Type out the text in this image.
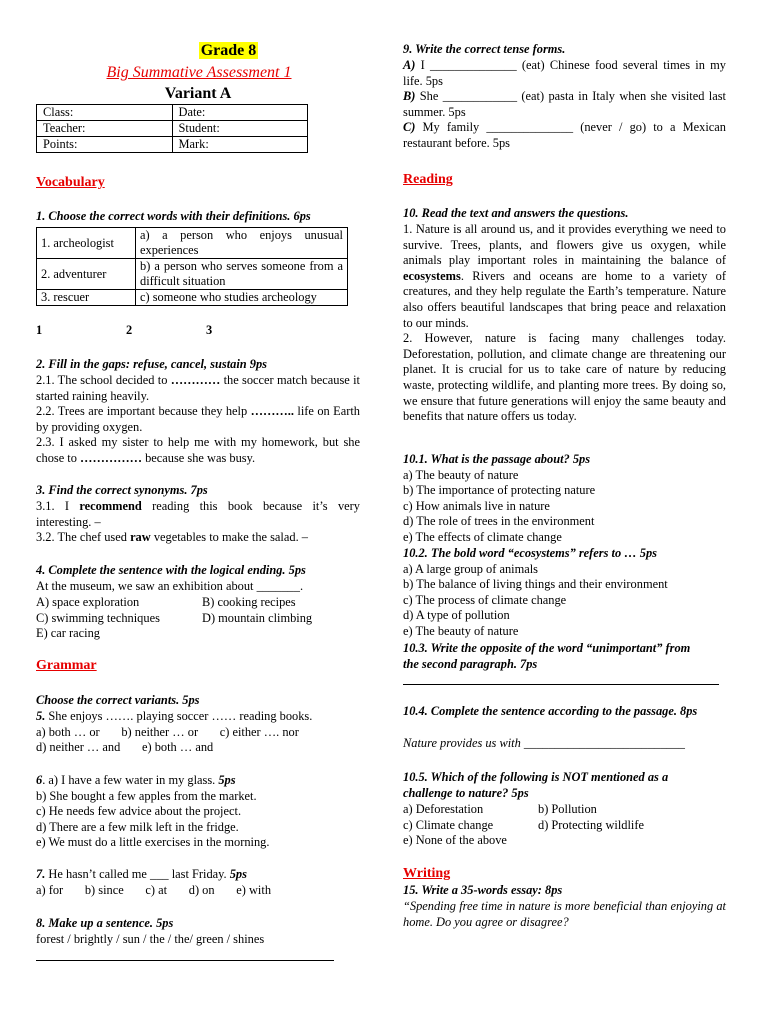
Grade 8
Big Summative Assessment 1
Variant A
Class:	Date:
Teacher:	Student:
Points:	Mark:
Vocabulary
1. Choose the correct words with their definitions. 6ps
1. archeologist	a) a person who enjoys unusual experiences
2. adventurer	b) a person who serves someone from a difficult situation
3. rescuer	c) someone who studies archeology
1	2	3
2. Fill in the gaps: refuse, cancel, sustain 9ps
2.1. The school decided to ………… the soccer match because it started raining heavily.
2.2. Trees are important because they help ……….. life on Earth by providing oxygen.
2.3. I asked my sister to help me with my homework, but she chose to …………… because she was busy.
3. Find the correct synonyms. 7ps
3.1. I recommend reading this book because it’s very interesting. –
3.2. The chef used raw vegetables to make the salad. –
4. Complete the sentence with the logical ending. 5ps
At the museum, we saw an exhibition about _______.
A) space exploration	B) cooking recipes
C) swimming techniques	D) mountain climbing
E) car racing
Grammar
Choose the correct variants. 5ps
5. She enjoys ……. playing soccer …… reading books.
a) both … or       b) neither … or       c) either …. nor
d) neither … and       e) both … and
6. a) I have a few water in my glass. 5ps
b) She bought a few apples from the market.
c) He needs few advice about the project.
d) There are a few milk left in the fridge.
e) We must do a little exercises in the morning.
7. He hasn’t called me ___ last Friday. 5ps
a) for       b) since       c) at       d) on       e) with
8. Make up a sentence. 5ps
forest / brightly / sun / the / the/ green / shines
9. Write the correct tense forms.
A) I ______________ (eat) Chinese food several times in my life. 5ps
B) She ____________ (eat) pasta in Italy when she visited last summer. 5ps
C) My family ______________ (never / go) to a Mexican restaurant before. 5ps
Reading
10. Read the text and answers the questions.
1. Nature is all around us, and it provides everything we need to survive. Trees, plants, and flowers give us oxygen, while animals play important roles in maintaining the balance of ecosystems. Rivers and oceans are home to a variety of creatures, and they help regulate the Earth’s temperature. Nature also offers beautiful landscapes that bring peace and relaxation to our minds.
2. However, nature is facing many challenges today. Deforestation, pollution, and climate change are threatening our planet. It is crucial for us to take care of nature by reducing waste, protecting wildlife, and planting more trees. By doing so, we ensure that future generations will enjoy the same beauty and benefits that nature offers us today.
10.1. What is the passage about? 5ps
a) The beauty of nature
b) The importance of protecting nature
c) How animals live in nature
d) The role of trees in the environment
e) The effects of climate change
10.2. The bold word “ecosystems” refers to … 5ps
a) A large group of animals
b) The balance of living things and their environment
c) The process of climate change
d) A type of pollution
e) The beauty of nature
10.3. Write the opposite of the word “unimportant” from the second paragraph. 7ps
10.4. Complete the sentence according to the passage. 8ps
Nature provides us with __________________________
10.5. Which of the following is NOT mentioned as a challenge to nature? 5ps
a) Deforestation	b) Pollution
c) Climate change	d) Protecting wildlife
e) None of the above
Writing
15. Write a 35-words essay: 8ps
“Spending free time in nature is more beneficial than enjoying at home. Do you agree or disagree?
